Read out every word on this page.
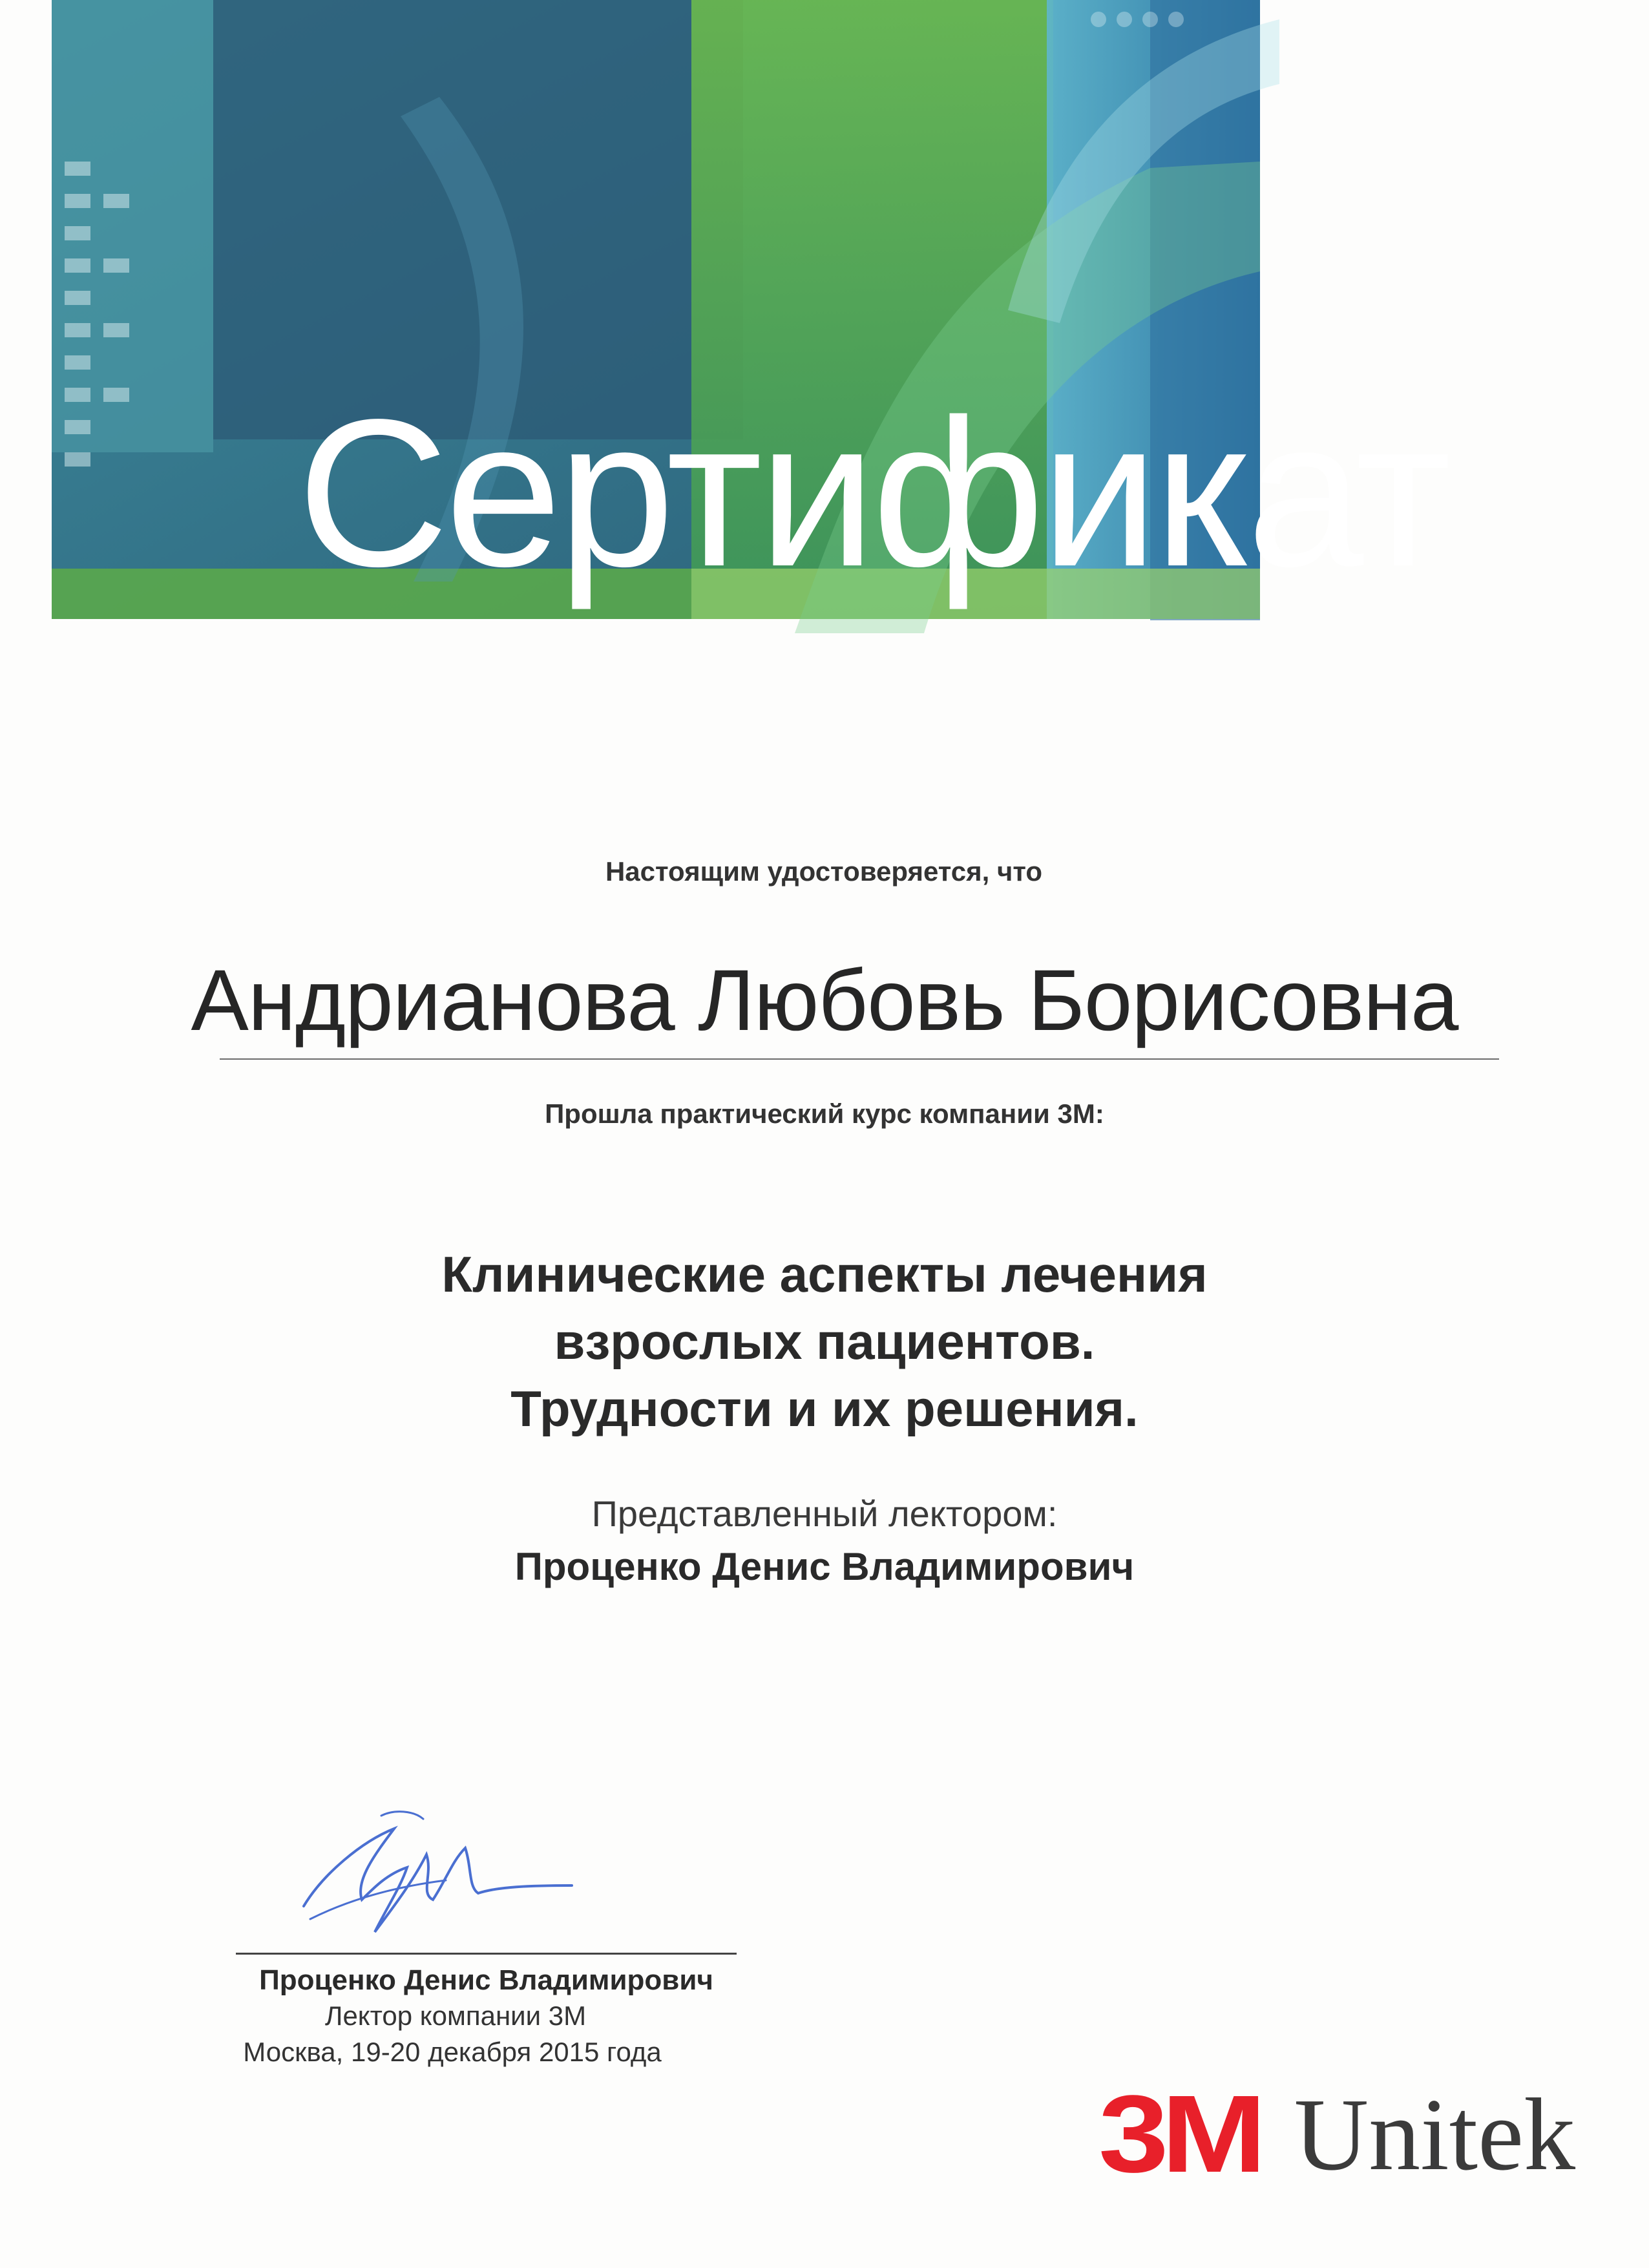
Сертификат
Настоящим удостоверяется, что
Андрианова Любовь Борисовна
Прошла практический курс компании 3М:
Клинические аспекты лечения
взрослых пациентов.
Трудности и их решения.
Представленный лектором:
Проценко Денис Владимирович
Проценко Денис Владимирович
Лектор компании 3М
Москва, 19-20 декабря 2015 года
3M Unitek
